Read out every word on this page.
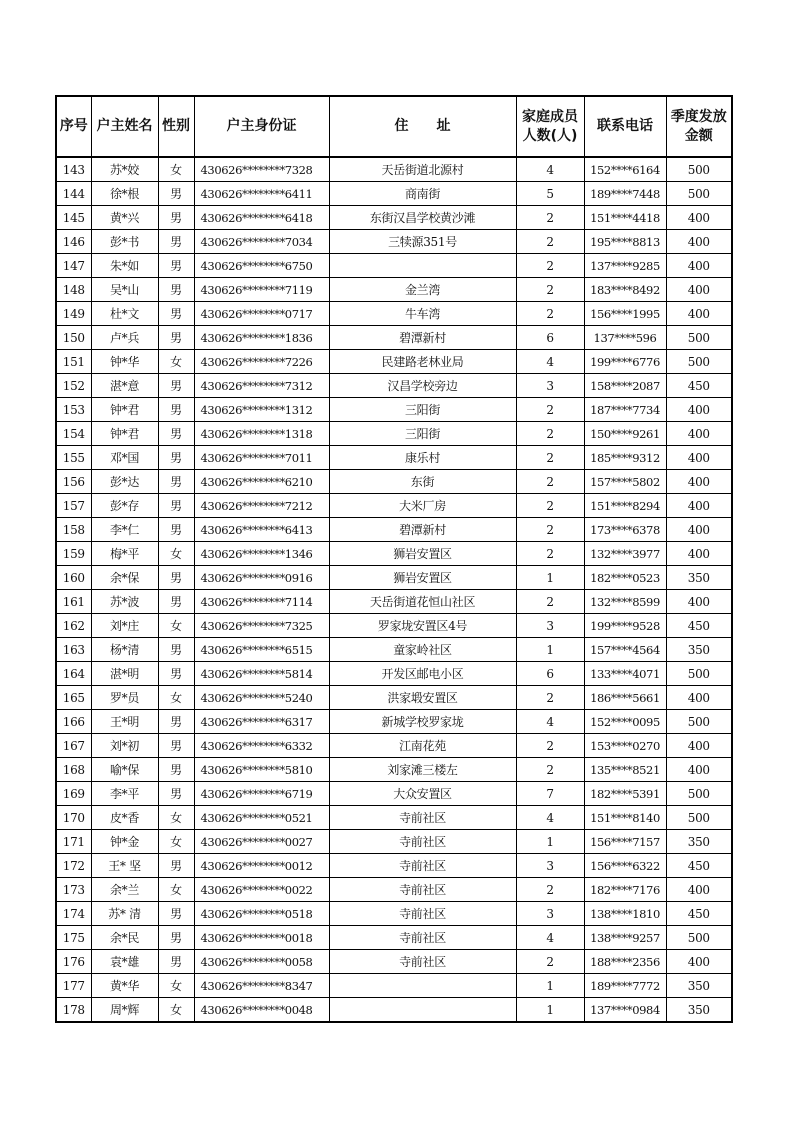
序号	户主姓名	性别	户主身份证	住　　址	家庭成员人数(人)	联系电话	季度发放金额
143	苏*姣	女	430626********7328	天岳街道北源村	4	152****6164	500
144	徐*根	男	430626********6411	商南街	5	189****7448	500
145	黄*兴	男	430626********6418	东街汉昌学校黄沙滩	2	151****4418	400
146	彭*书	男	430626********7034	三犊源351号	2	195****8813	400
147	朱*如	男	430626********6750		2	137****9285	400
148	吴*山	男	430626********7119	金兰湾	2	183****8492	400
149	杜*文	男	430626********0717	牛车湾	2	156****1995	400
150	卢*兵	男	430626********1836	碧潭新村	6	137****596	500
151	钟*华	女	430626********7226	民建路老林业局	4	199****6776	500
152	湛*意	男	430626********7312	汉昌学校旁边	3	158****2087	450
153	钟*君	男	430626********1312	三阳街	2	187****7734	400
154	钟*君	男	430626********1318	三阳街	2	150****9261	400
155	邓*国	男	430626********7011	康乐村	2	185****9312	400
156	彭*达	男	430626********6210	东街	2	157****5802	400
157	彭*存	男	430626********7212	大米厂房	2	151****8294	400
158	李*仁	男	430626********6413	碧潭新村	2	173****6378	400
159	梅*平	女	430626********1346	狮岩安置区	2	132****3977	400
160	余*保	男	430626********0916	狮岩安置区	1	182****0523	350
161	苏*波	男	430626********7114	天岳街道花恒山社区	2	132****8599	400
162	刘*庄	女	430626********7325	罗家垅安置区4号	3	199****9528	450
163	杨*清	男	430626********6515	童家岭社区	1	157****4564	350
164	湛*明	男	430626********5814	开发区邮电小区	6	133****4071	500
165	罗*员	女	430626********5240	洪家塅安置区	2	186****5661	400
166	王*明	男	430626********6317	新城学校罗家垅	4	152****0095	500
167	刘*初	男	430626********6332	江南花苑	2	153****0270	400
168	喻*保	男	430626********5810	刘家滩三楼左	2	135****8521	400
169	李*平	男	430626********6719	大众安置区	7	182****5391	500
170	皮*香	女	430626********0521	寺前社区	4	151****8140	500
171	钟*金	女	430626********0027	寺前社区	1	156****7157	350
172	王* 坚	男	430626********0012	寺前社区	3	156****6322	450
173	余*兰	女	430626********0022	寺前社区	2	182****7176	400
174	苏* 清	男	430626********0518	寺前社区	3	138****1810	450
175	余*民	男	430626********0018	寺前社区	4	138****9257	500
176	袁*雄	男	430626********0058	寺前社区	2	188****2356	400
177	黄*华	女	430626********8347		1	189****7772	350
178	周*辉	女	430626********0048		1	137****0984	350
